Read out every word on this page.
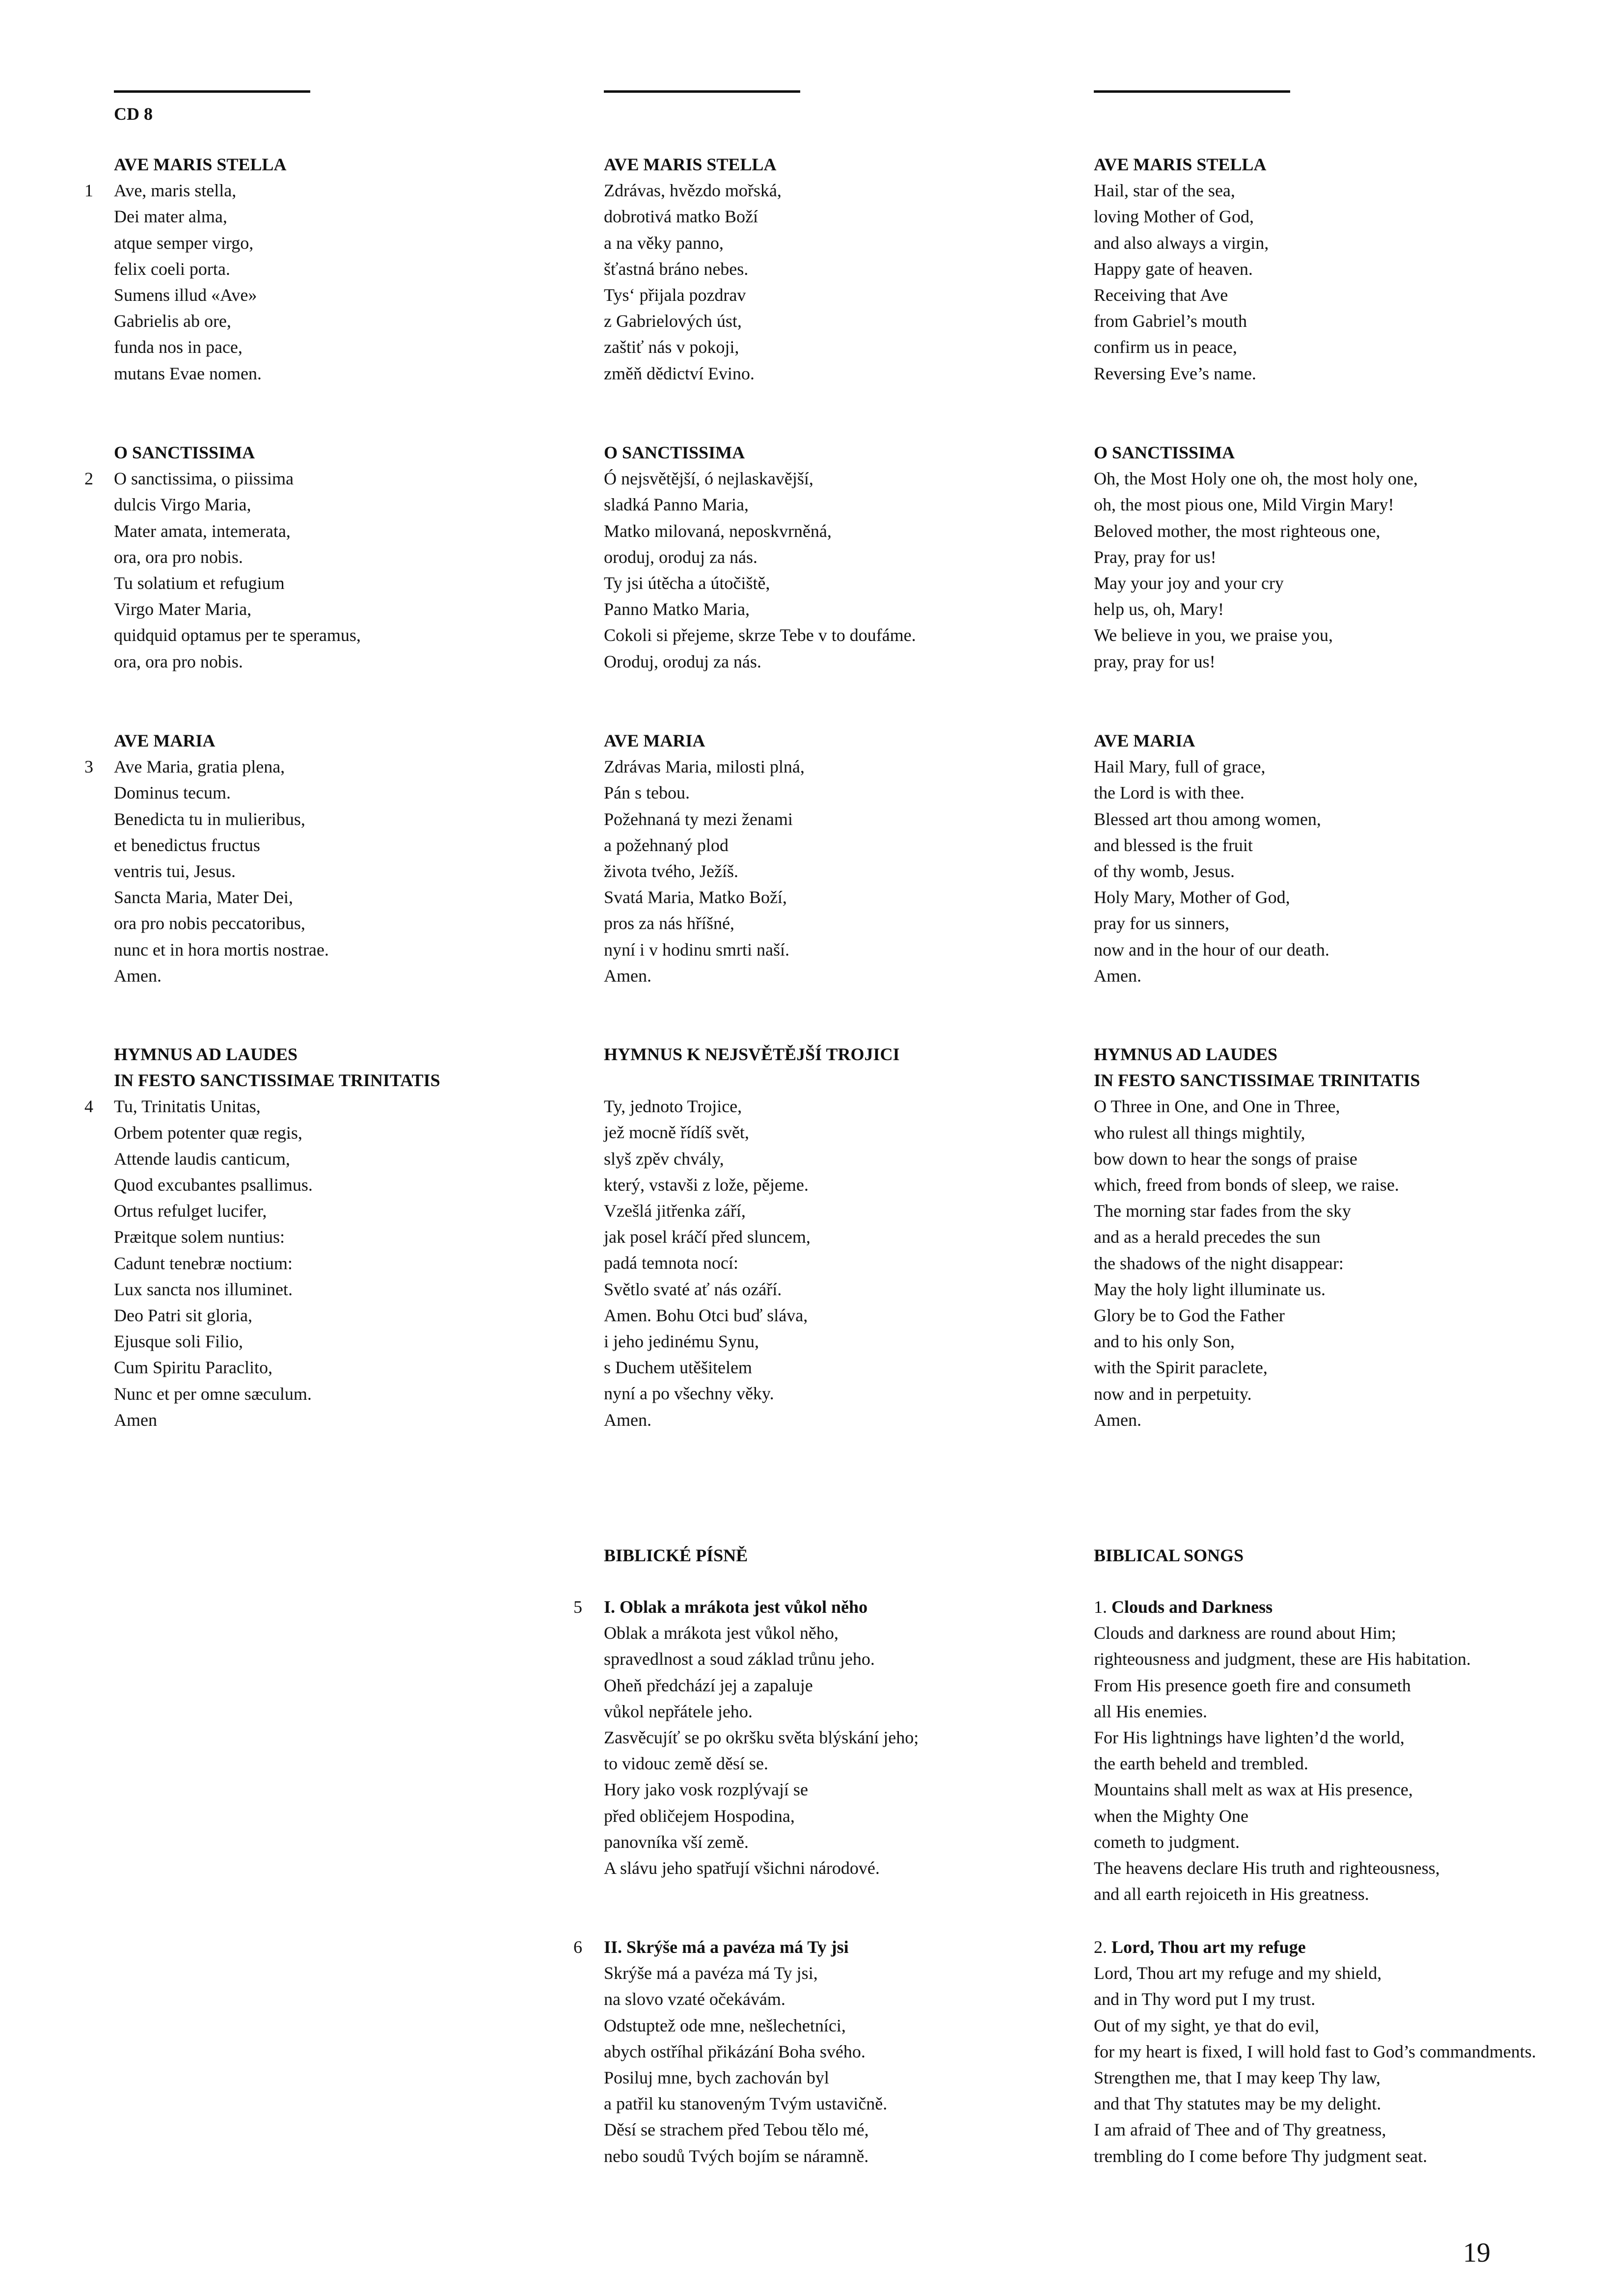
CD 8
1
AVE MARIS STELLA
Ave, maris stella,
Dei mater alma,
atque semper virgo,
felix coeli porta.
Sumens illud «Ave»
Gabrielis ab ore,
funda nos in pace,
mutans Evae nomen.
AVE MARIS STELLA
Zdrávas, hvězdo mořská,
dobrotivá matko Boží
a na věky panno,
šťastná bráno nebes.
Tys‘ přijala pozdrav
z Gabrielových úst,
zaštiť nás v pokoji,
změň dědictví Evino.
AVE MARIS STELLA
Hail, star of the sea,
loving Mother of God,
and also always a virgin,
Happy gate of heaven.
Receiving that Ave
from Gabriel’s mouth
confirm us in peace,
Reversing Eve’s name.
2
O SANCTISSIMA
O sanctissima, o piissima
dulcis Virgo Maria,
Mater amata, intemerata,
ora, ora pro nobis.
Tu solatium et refugium
Virgo Mater Maria,
quidquid optamus per te speramus,
ora, ora pro nobis.
O SANCTISSIMA
Ó nejsvětější, ó nejlaskavější,
sladká Panno Maria,
Matko milovaná, neposkvrněná,
oroduj, oroduj za nás.
Ty jsi útěcha a útočiště,
Panno Matko Maria,
Cokoli si přejeme, skrze Tebe v to doufáme.
Oroduj, oroduj za nás.
O SANCTISSIMA
Oh, the Most Holy one oh, the most holy one,
oh, the most pious one, Mild Virgin Mary!
Beloved mother, the most righteous one,
Pray, pray for us!
May your joy and your cry
help us, oh, Mary!
We believe in you, we praise you,
pray, pray for us!
3
AVE MARIA
Ave Maria, gratia plena,
Dominus tecum.
Benedicta tu in mulieribus,
et benedictus fructus
ventris tui, Jesus.
Sancta Maria, Mater Dei,
ora pro nobis peccatoribus,
nunc et in hora mortis nostrae.
Amen.
AVE MARIA
Zdrávas Maria, milosti plná,
Pán s tebou.
Požehnaná ty mezi ženami
a požehnaný plod
života tvého, Ježíš.
Svatá Maria, Matko Boží,
pros za nás hříšné,
nyní i v hodinu smrti naší.
Amen.
AVE MARIA
Hail Mary, full of grace,
the Lord is with thee.
Blessed art thou among women,
and blessed is the fruit
of thy womb, Jesus.
Holy Mary, Mother of God,
pray for us sinners,
now and in the hour of our death.
Amen.
4
HYMNUS AD LAUDES
IN FESTO SANCTISSIMAE TRINITATIS
Tu, Trinitatis Unitas,
Orbem potenter quæ regis,
Attende laudis canticum,
Quod excubantes psallimus.
Ortus refulget lucifer,
Præitque solem nuntius:
Cadunt tenebræ noctium:
Lux sancta nos illuminet.
Deo Patri sit gloria,
Ejusque soli Filio,
Cum Spiritu Paraclito,
Nunc et per omne sæculum.
Amen
HYMNUS K NEJSVĚTĚJŠÍ TROJICI
Ty, jednoto Trojice,
jež mocně řídíš svět,
slyš zpěv chvály,
který, vstavši z lože, pějeme.
Vzešlá jitřenka září,
jak posel kráčí před sluncem,
padá temnota nocí:
Světlo svaté ať nás ozáří.
Amen. Bohu Otci buď sláva,
i jeho jedinému Synu,
s Duchem utěšitelem
nyní a po všechny věky.
Amen.
HYMNUS AD LAUDES
IN FESTO SANCTISSIMAE TRINITATIS
O Three in One, and One in Three,
who rulest all things mightily,
bow down to hear the songs of praise
which, freed from bonds of sleep, we raise.
The morning star fades from the sky
and as a herald precedes the sun
the shadows of the night disappear:
May the holy light illuminate us.
Glory be to God the Father
and to his only Son,
with the Spirit paraclete,
now and in perpetuity.
Amen.
BIBLICKÉ PÍSNĚ	BIBLICAL SONGS
5 I. Oblak a mrákota jest vůkol něho
Oblak a mrákota jest vůkol něho,
spravedlnost a soud základ trůnu jeho.
Oheň předchází jej a zapaluje
vůkol nepřátele jeho.
Zasvěcujíť se po okršku světa blýskání jeho;
to vidouc země děsí se.
Hory jako vosk rozplývají se
před obličejem Hospodina,
panovníka vší země.
A slávu jeho spatřují všichni národové.
1. Clouds and Darkness
Clouds and darkness are round about Him;
righteousness and judgment, these are His habitation.
From His presence goeth fire and consumeth
all His enemies.
For His lightnings have lighten’d the world,
the earth beheld and trembled.
Mountains shall melt as wax at His presence,
when the Mighty One
cometh to judgment.
The heavens declare His truth and righteousness,
and all earth rejoiceth in His greatness.
6 II. Skrýše má a pavéza má Ty jsi
Skrýše má a pavéza má Ty jsi,
na slovo vzaté očekávám.
Odstuptež ode mne, nešlechetníci,
abych ostříhal přikázání Boha svého.
Posiluj mne, bych zachován byl
a patřil ku stanoveným Tvým ustavičně.
Děsí se strachem před Tebou tělo mé,
nebo soudů Tvých bojím se náramně.
2. Lord, Thou art my refuge
Lord, Thou art my refuge and my shield,
and in Thy word put I my trust.
Out of my sight, ye that do evil,
for my heart is fixed, I will hold fast to God’s commandments.
Strengthen me, that I may keep Thy law,
and that Thy statutes may be my delight.
I am afraid of Thee and of Thy greatness,
trembling do I come before Thy judgment seat.
19
